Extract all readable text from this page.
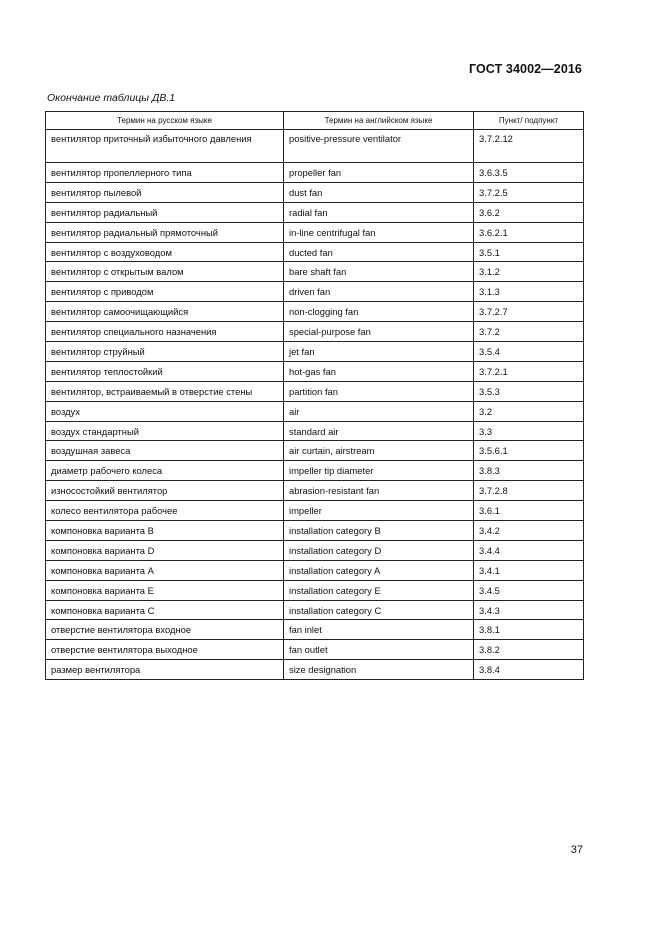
ГОСТ 34002—2016
Окончание таблицы ДВ.1
Термин на русском языке	Термин на английском языке	Пункт/ подпункт
вентилятор приточный избыточного давления	positive-pressure ventilator	3.7.2.12
вентилятор пропеллерного типа	propeller fan	3.6.3.5
вентилятор пылевой	dust fan	3.7.2.5
вентилятор радиальный	radial fan	3.6.2
вентилятор радиальный прямоточный	in-line centrifugal fan	3.6.2.1
вентилятор с воздуховодом	ducted fan	3.5.1
вентилятор с открытым валом	bare shaft fan	3.1.2
вентилятор с приводом	driven fan	3.1.3
вентилятор самоочищающийся	non-clogging fan	3.7.2.7
вентилятор специального назначения	special-purpose fan	3.7.2
вентилятор струйный	jet fan	3.5.4
вентилятор теплостойкий	hot-gas fan	3.7.2.1
вентилятор, встраиваемый в отверстие стены	partition fan	3.5.3
воздух	air	3.2
воздух стандартный	standard air	3.3
воздушная завеса	air curtain, airstream	3.5.6.1
диаметр рабочего колеса	impeller tip diameter	3.8.3
износостойкий вентилятор	abrasion-resistant fan	3.7.2.8
колесо вентилятора рабочее	impeller	3.6.1
компоновка варианта В	installation category B	3.4.2
компоновка варианта D	installation category D	3.4.4
компоновка варианта А	installation category A	3.4.1
компоновка варианта Е	installation category E	3.4.5
компоновка варианта С	installation category C	3.4.3
отверстие вентилятора входное	fan inlet	3.8.1
отверстие вентилятора выходное	fan outlet	3.8.2
размер вентилятора	size designation	3.8.4
37
